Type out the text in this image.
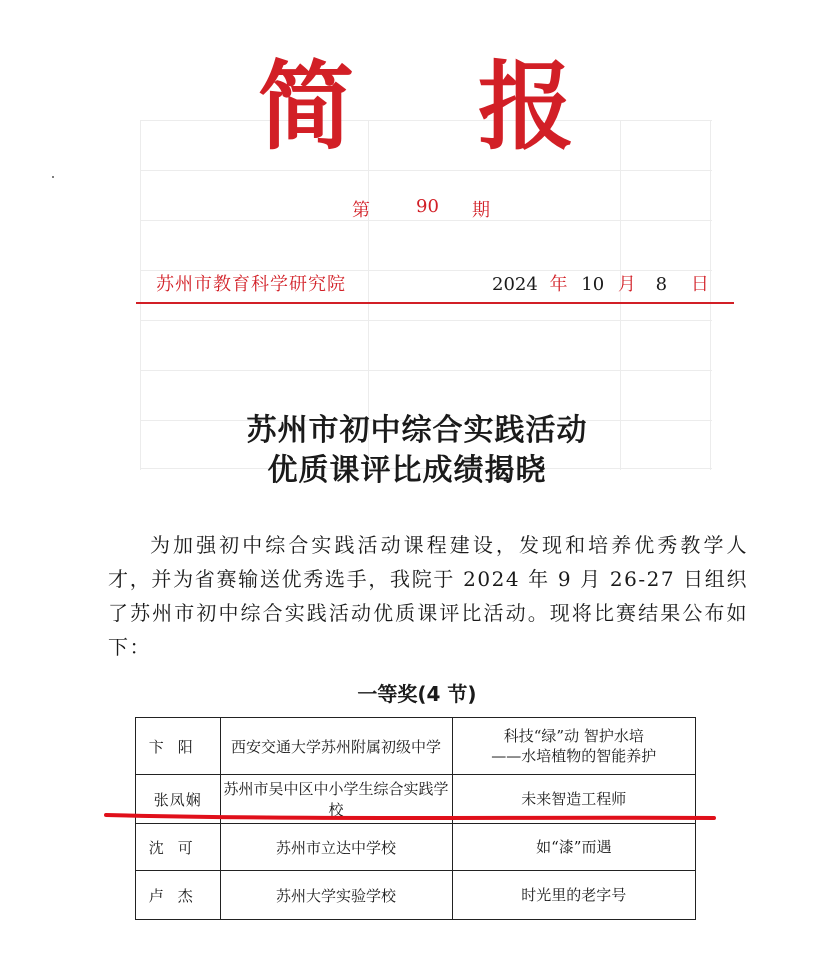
简 报
第	90 期
苏州市教育科学研究院	2024 年 10 月 8 日
苏州市初中综合实践活动
优质课评比成绩揭晓
为加强初中综合实践活动课程建设，发现和培养优秀教学人才，并为省赛输送优秀选手，我院于 2024 年 9 月 26-27 日组织了苏州市初中综合实践活动优质课评比活动。现将比赛结果公布如下：
一等奖(4 节)
卞阳	西安交通大学苏州附属初级中学	科技“绿”动 智护水培
——水培植物的智能养护

张凤娴	苏州市吴中区中小学生综合实践学校	未来智造工程师
沈可	苏州市立达中学校	如“漆”而遇
卢杰	苏州大学实验学校	时光里的老字号
